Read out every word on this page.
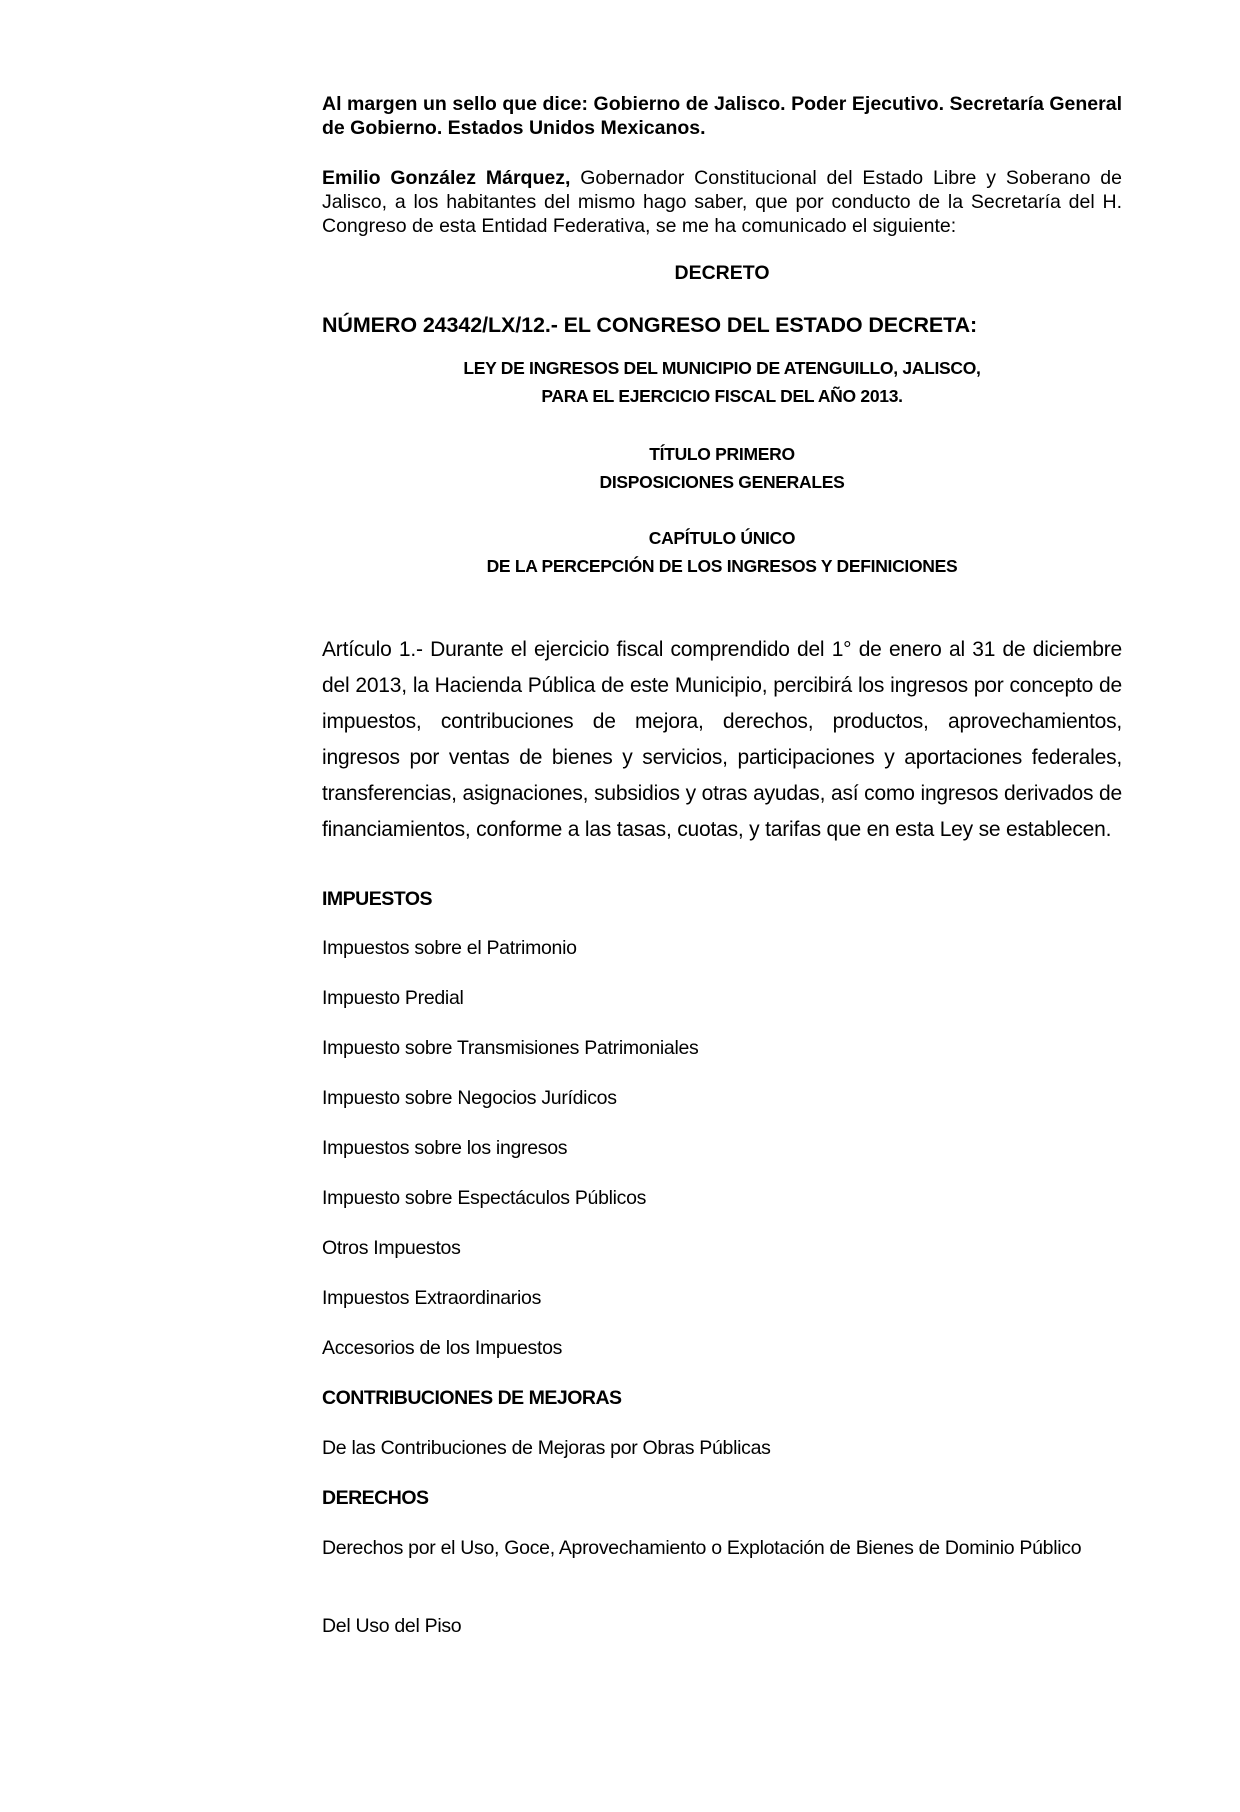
Al margen un sello que dice: Gobierno de Jalisco. Poder Ejecutivo. Secretaría General de Gobierno. Estados Unidos Mexicanos.
Emilio González Márquez, Gobernador Constitucional del Estado Libre y Soberano de Jalisco, a los habitantes del mismo hago saber, que por conducto de la Secretaría del H. Congreso de esta Entidad Federativa, se me ha comunicado el siguiente:
DECRETO
NÚMERO 24342/LX/12.- EL CONGRESO DEL ESTADO DECRETA:
LEY DE INGRESOS DEL MUNICIPIO DE ATENGUILLO, JALISCO,
PARA EL EJERCICIO FISCAL DEL AÑO 2013.
TÍTULO PRIMERO
DISPOSICIONES GENERALES
CAPÍTULO ÚNICO
DE LA PERCEPCIÓN DE LOS INGRESOS Y DEFINICIONES
Artículo 1.- Durante el ejercicio fiscal comprendido del 1° de enero al 31 de diciembre del 2013, la Hacienda Pública de este Municipio, percibirá los ingresos por concepto de impuestos, contribuciones de mejora, derechos, productos, aprovechamientos, ingresos por ventas de bienes y servicios, participaciones y aportaciones federales, transferencias, asignaciones, subsidios y otras ayudas, así como ingresos derivados de financiamientos, conforme a las tasas, cuotas, y tarifas que en esta Ley se establecen.
IMPUESTOS
Impuestos sobre el Patrimonio
Impuesto Predial
Impuesto sobre Transmisiones Patrimoniales
Impuesto sobre Negocios Jurídicos
Impuestos sobre los ingresos
Impuesto sobre Espectáculos Públicos
Otros Impuestos
Impuestos Extraordinarios
Accesorios de los Impuestos
CONTRIBUCIONES DE MEJORAS
De las Contribuciones de Mejoras por Obras Públicas
DERECHOS
Derechos por el Uso, Goce, Aprovechamiento o Explotación de Bienes de Dominio Público
Del Uso del Piso
